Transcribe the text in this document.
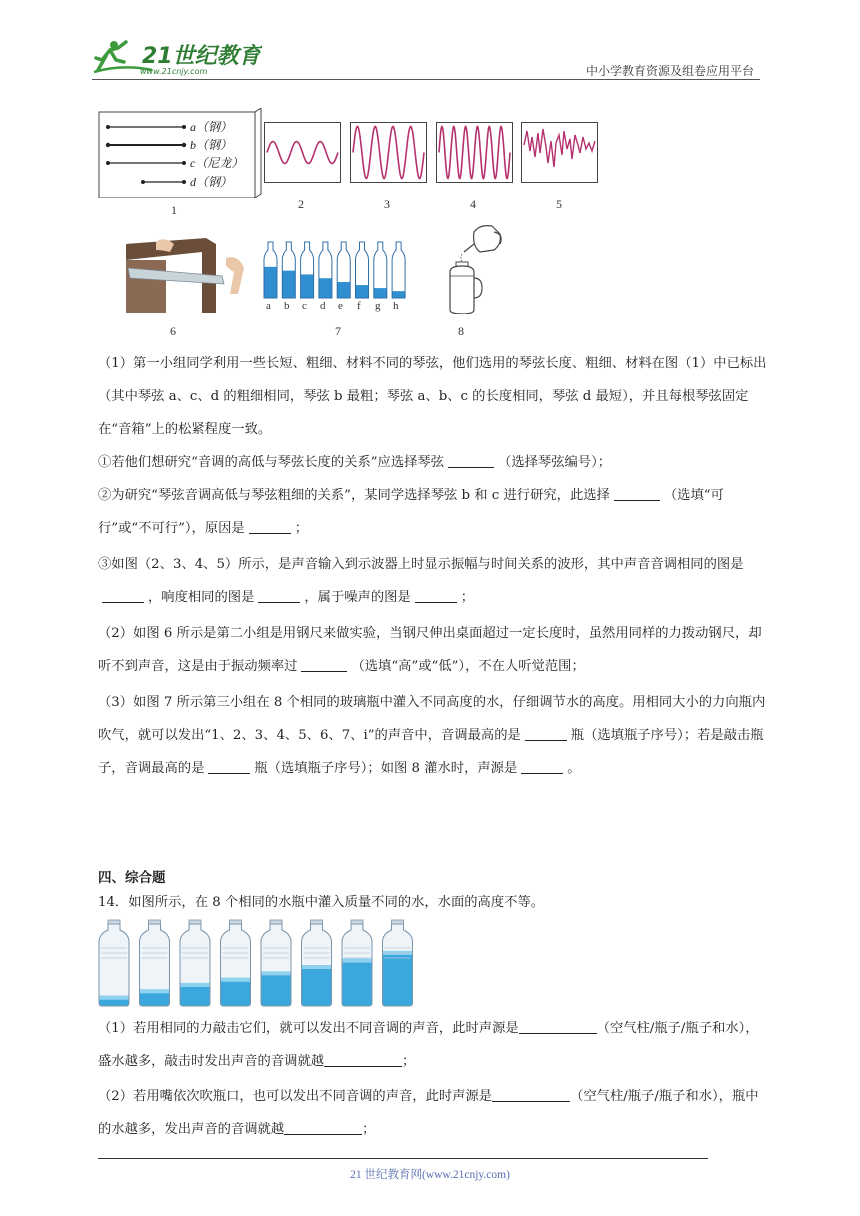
21世纪教育
www.21cnjy.com	中小学教育资源及组卷应用平台
a（钢）
b（钢）
c（尼龙）
d（钢）
1	2	3	4	5
6
a b c d e f g h
7	8
（1）第一小组同学利用一些长短、粗细、材料不同的琴弦，他们选用的琴弦长度、粗细、材料在图（1）中已标出（其中琴弦 a、c、d 的粗细相同，琴弦 b 最粗；琴弦 a、b、c 的长度相同，琴弦 d 最短），并且每根琴弦固定在“音箱”上的松紧程度一致。
①若他们想研究“音调的高低与琴弦长度的关系”应选择琴弦	（选择琴弦编号）；
②为研究“琴弦音调高低与琴弦粗细的关系”，某同学选择琴弦 b 和 c 进行研究，此选择	（选填“可行”或“不可行”），原因是	；
③如图（2、3、4、5）所示，是声音输入到示波器上时显示振幅与时间关系的波形，其中声音音调相同的图是，响度相同的图是	，属于噪声的图是	；
（2）如图 6 所示是第二小组是用钢尺来做实验，当钢尺伸出桌面超过一定长度时，虽然用同样的力拨动钢尺，却听不到声音，这是由于振动频率过	（选填“高”或“低”），不在人听觉范围；
（3）如图 7 所示第三小组在 8 个相同的玻璃瓶中灌入不同高度的水，仔细调节水的高度。用相同大小的力向瓶内吹气，就可以发出“1、2、3、4、5、6、7、i”的声音中，音调最高的是	瓶（选填瓶子序号）；若是敲击瓶子，音调最高的是	瓶（选填瓶子序号）；如图 8 灌水时，声源是	。
四、综合题
14．如图所示，在 8 个相同的水瓶中灌入质量不同的水，水面的高度不等。
（1）若用相同的力敲击它们，就可以发出不同音调的声音，此时声源是	（空气柱/瓶子/瓶子和水），盛水越多，敲击时发出声音的音调就越	；
（2）若用嘴依次吹瓶口，也可以发出不同音调的声音，此时声源是	（空气柱/瓶子/瓶子和水），瓶中的水越多，发出声音的音调就越	；
21 世纪教育网(www.21cnjy.com)
